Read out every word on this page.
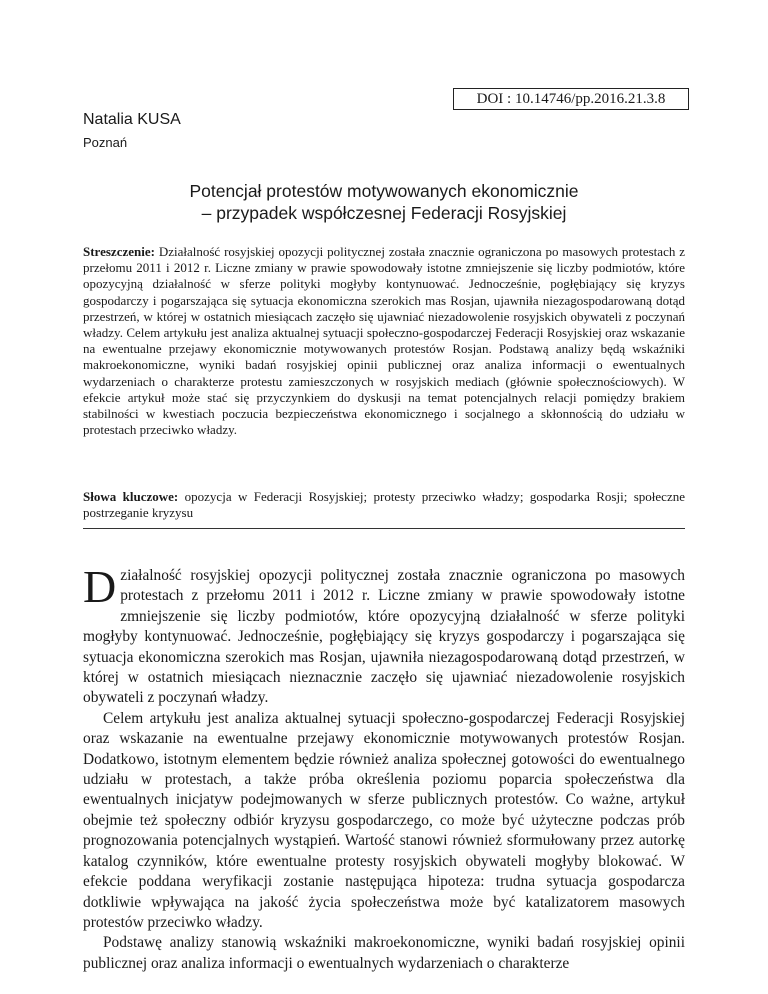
DOI : 10.14746/pp.2016.21.3.8
Natalia KUSA
Poznań
Potencjał protestów motywowanych ekonomicznie
– przypadek współczesnej Federacji Rosyjskiej
Streszczenie: Działalność rosyjskiej opozycji politycznej została znacznie ograniczona po masowych protestach z przełomu 2011 i 2012 r. Liczne zmiany w prawie spowodowały istotne zmniejszenie się liczby podmiotów, które opozycyjną działalność w sferze polityki mogłyby kontynuować. Jednocześnie, pogłębiający się kryzys gospodarczy i pogarszająca się sytuacja ekonomiczna szerokich mas Rosjan, ujawniła niezagospodarowaną dotąd przestrzeń, w której w ostatnich miesiącach zaczęło się ujawniać niezadowolenie rosyjskich obywateli z poczynań władzy. Celem artykułu jest analiza aktualnej sytuacji społeczno-gospodarczej Federacji Rosyjskiej oraz wskazanie na ewentualne przejawy ekonomicznie motywowanych protestów Rosjan. Podstawą analizy będą wskaźniki makroekonomiczne, wyniki badań rosyjskiej opinii publicznej oraz analiza informacji o ewentualnych wydarzeniach o charakterze protestu zamieszczonych w rosyjskich mediach (głównie społecznościowych). W efekcie artykuł może stać się przyczynkiem do dyskusji na temat potencjalnych relacji pomiędzy brakiem stabilności w kwestiach poczucia bezpieczeństwa ekonomicznego i socjalnego a skłonnością do udziału w protestach przeciwko władzy.
Słowa kluczowe: opozycja w Federacji Rosyjskiej; protesty przeciwko władzy; gospodarka Rosji; społeczne postrzeganie kryzysu

Działalność rosyjskiej opozycji politycznej została znacznie ograniczona po masowych protestach z przełomu 2011 i 2012 r. Liczne zmiany w prawie spowodowały istotne zmniejszenie się liczby podmiotów, które opozycyjną działalność w sferze polityki mogłyby kontynuować. Jednocześnie, pogłębiający się kryzys gospodarczy i pogarszająca się sytuacja ekonomiczna szerokich mas Rosjan, ujawniła niezagospodarowaną dotąd przestrzeń, w której w ostatnich miesiącach nieznacznie zaczęło się ujawniać niezadowolenie rosyjskich obywateli z poczynań władzy.

Celem artykułu jest analiza aktualnej sytuacji społeczno-gospodarczej Federacji Rosyjskiej oraz wskazanie na ewentualne przejawy ekonomicznie motywowanych protestów Rosjan. Dodatkowo, istotnym elementem będzie również analiza społecznej gotowości do ewentualnego udziału w protestach, a także próba określenia poziomu poparcia społeczeństwa dla ewentualnych inicjatyw podejmowanych w sferze publicznych protestów. Co ważne, artykuł obejmie też społeczny odbiór kryzysu gospodarczego, co może być użyteczne podczas prób prognozowania potencjalnych wystąpień. Wartość stanowi również sformułowany przez autorkę katalog czynników, które ewentualne protesty rosyjskich obywateli mogłyby blokować. W efekcie poddana weryfikacji zostanie następująca hipoteza: trudna sytuacja gospodarcza dotkliwie wpływająca na jakość życia społeczeństwa może być katalizatorem masowych protestów przeciwko władzy.

Podstawę analizy stanowią wskaźniki makroekonomiczne, wyniki badań rosyjskiej opinii publicznej oraz analiza informacji o ewentualnych wydarzeniach o charakterze
